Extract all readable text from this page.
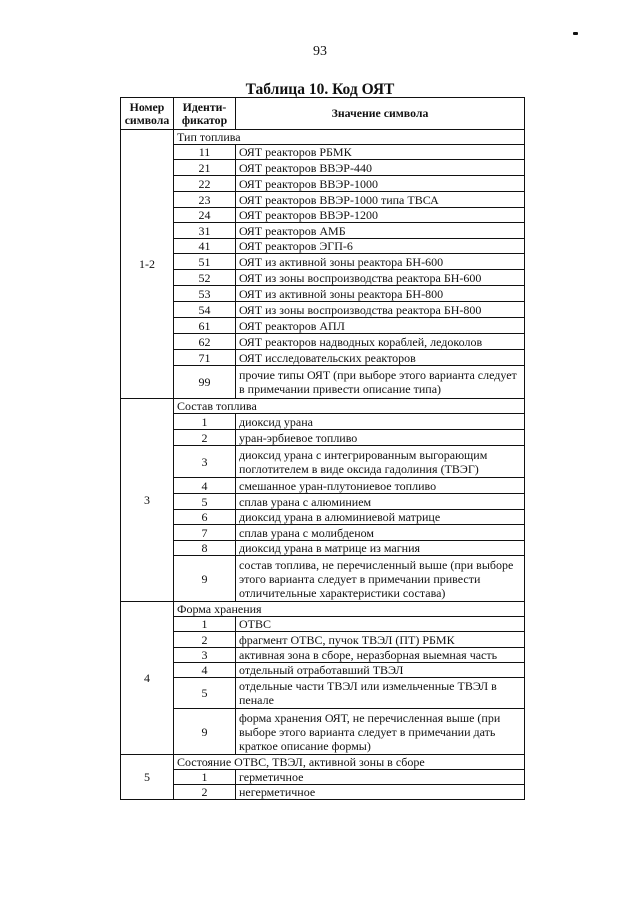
93
Таблица 10. Код ОЯТ
Номер символа	Иденти- фикатор	Значение символа
1-2	Тип топлива	
	11	ОЯТ реакторов РБМК
	21	ОЯТ реакторов ВВЭР-440
	22	ОЯТ реакторов ВВЭР-1000
	23	ОЯТ реакторов ВВЭР-1000 типа ТВСА
	24	ОЯТ реакторов ВВЭР-1200
	31	ОЯТ реакторов АМБ
	41	ОЯТ реакторов ЭГП-6
	51	ОЯТ из активной зоны реактора БН-600
	52	ОЯТ из зоны воспроизводства реактора БН-600
	53	ОЯТ из активной зоны реактора БН-800
	54	ОЯТ из зоны воспроизводства реактора БН-800
	61	ОЯТ реакторов АПЛ
	62	ОЯТ реакторов надводных кораблей, ледоколов
	71	ОЯТ исследовательских реакторов
	99	прочие типы ОЯТ (при выборе этого варианта следует в примечании привести описание типа)
3	Состав топлива	
	1	диоксид урана
	2	уран-эрбиевое топливо
	3	диоксид урана с интегрированным выгорающим поглотителем в виде оксида гадолиния (ТВЭГ)
	4	смешанное уран-плутониевое топливо
	5	сплав урана с алюминием
	6	диоксид урана в алюминиевой матрице
	7	сплав урана с молибденом
	8	диоксид урана в матрице из магния
	9	состав топлива, не перечисленный выше (при выборе этого варианта следует в примечании привести отличительные характеристики состава)
4	Форма хранения	
	1	ОТВС
	2	фрагмент ОТВС, пучок ТВЭЛ (ПТ) РБМК
	3	активная зона в сборе, неразборная выемная часть
	4	отдельный отработавший ТВЭЛ
	5	отдельные части ТВЭЛ или измельченные ТВЭЛ в пенале
	9	форма хранения ОЯТ, не перечисленная выше (при выборе этого варианта следует в примечании дать краткое описание формы)
5	Состояние ОТВС, ТВЭЛ, активной зоны в сборе	
	1	герметичное
	2	негерметичное
